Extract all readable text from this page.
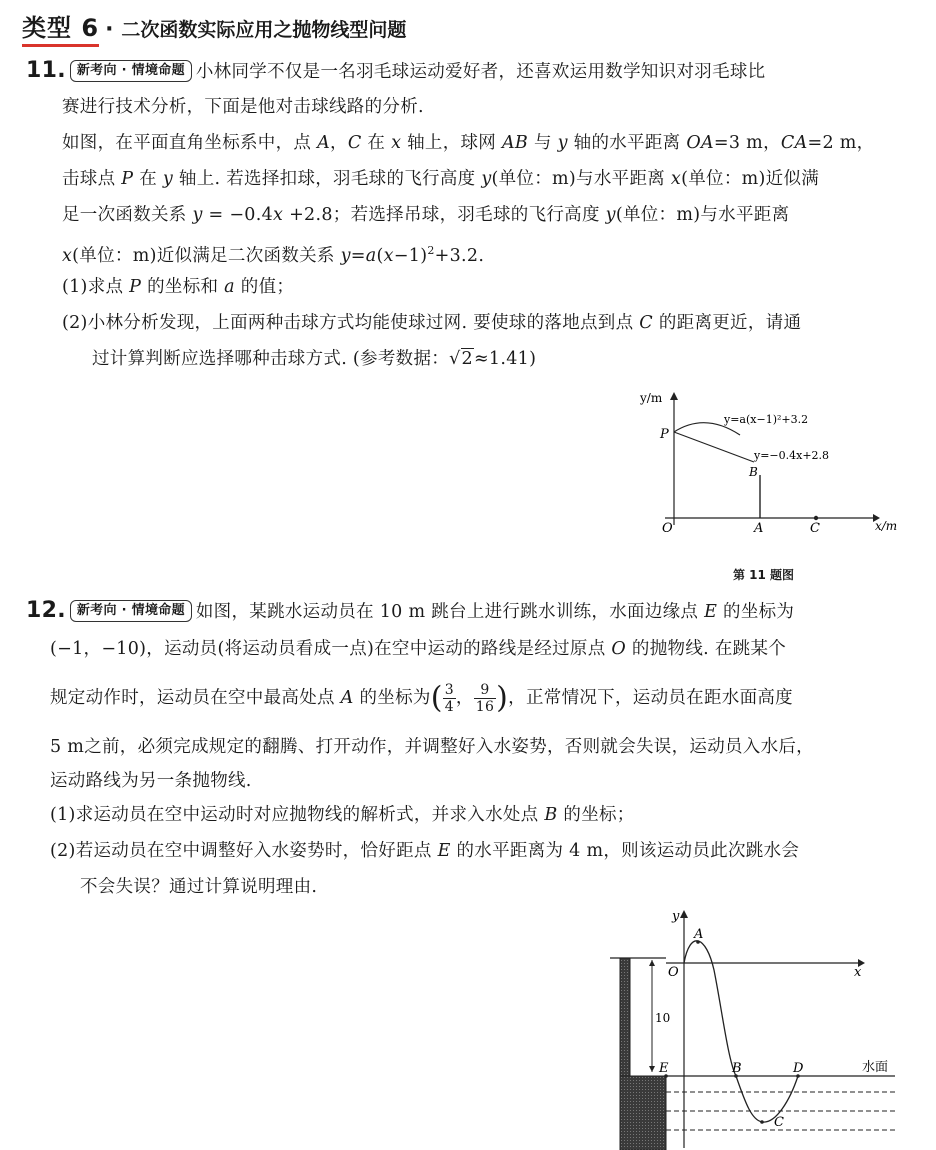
类型 6 · 二次函数实际应用之抛物线型问题
11. 新考向 · 情境命题 小林同学不仅是一名羽毛球运动爱好者，还喜欢运用数学知识对羽毛球比
赛进行技术分析，下面是他对击球线路的分析.
如图，在平面直角坐标系中，点 A，C 在 x 轴上，球网 AB 与 y 轴的水平距离 OA=3 m，CA=2 m，
击球点 P 在 y 轴上. 若选择扣球，羽毛球的飞行高度 y(单位：m)与水平距离 x(单位：m)近似满
足一次函数关系 y = −0.4x +2.8；若选择吊球，羽毛球的飞行高度 y(单位：m)与水平距离
x(单位：m)近似满足二次函数关系 $y=a(x-1)^2+3.2$.
(1)求点 P 的坐标和 a 的值；
(2)小林分析发现，上面两种击球方式均能使球过网. 要使球的落地点到点 C 的距离更近，请通
过计算判断应选择哪种击球方式. (参考数据：√2≈1.41)
y/m
x/m
P
B
O	A	C
y=a(x−1)²+3.2
y=−0.4x+2.8
第 11 题图
12. 新考向 · 情境命题 如图，某跳水运动员在 10 m 跳台上进行跳水训练，水面边缘点 E 的坐标为
(−1，−10)，运动员(将运动员看成一点)在空中运动的路线是经过原点 O 的抛物线. 在跳某个
规定动作时，运动员在空中最高处点 A 的坐标为( $\frac{3}{4}$ ， $\frac{9}{16}$ )，正常情况下，运动员在距水面高度
5 m之前，必须完成规定的翻腾、打开动作，并调整好入水姿势，否则就会失误，运动员入水后，
运动路线为另一条抛物线.
(1)求运动员在空中运动时对应抛物线的解析式，并求入水处点 B 的坐标；
(2)若运动员在空中调整好入水姿势时，恰好距点 E 的水平距离为 4 m，则该运动员此次跳水会
不会失误？通过计算说明理由.
10
y
x
O
A
E	B	D
C
水面
